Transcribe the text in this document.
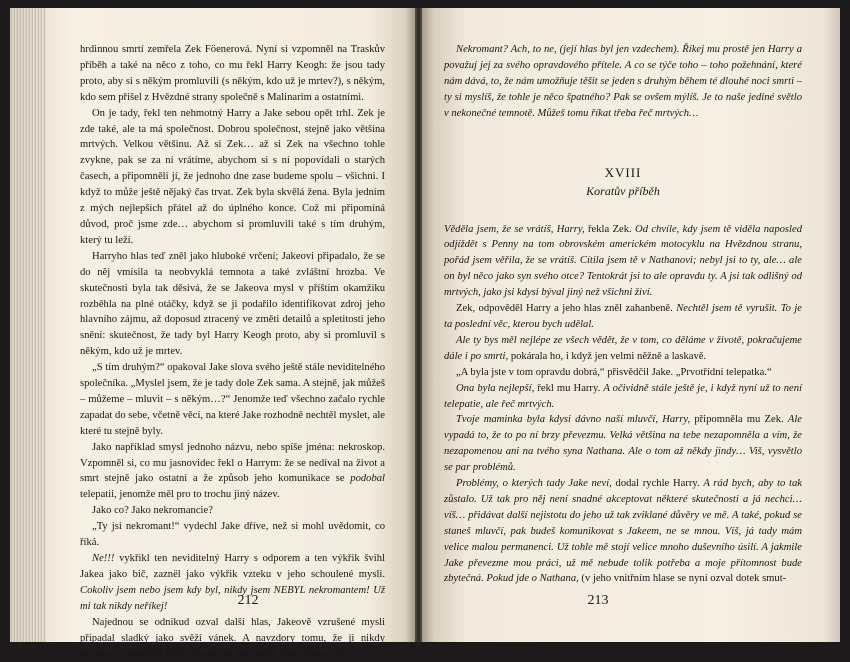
hrdinnou smrtí zemřela Zek Föenerová. Nyní si vzpomněl na Traskův příběh a také na něco z toho, co mu řekl Harry Keogh: že jsou tady proto, aby si s někým promluvili (s někým, kdo už je mrtev?), s někým, kdo sem přišel z Hvězdné strany společně s Malinarim a ostatními.

On je tady, řekl ten nehmotný Harry a Jake sebou opět trhl. Zek je zde také, ale ta má společnost. Dobrou společnost, stejně jako většina mrtvých. Velkou většinu. Až si Zek… až si Zek na všechno tohle zvykne, pak se za ní vrátíme, abychom si s ní popovídali o starých časech, a připomněli jí, že jednoho dne zase budeme spolu – všichni. I když to může ještě nějaký čas trvat. Zek byla skvělá žena. Byla jedním z mých nejlepších přátel až do úplného konce. Což mi připomíná důvod, proč jsme zde… abychom si promluvili také s tím druhým, který tu leží.

Harryho hlas teď zněl jako hluboké vrčení; Jakeovi připadalo, že se do něj vmísila ta neobvyklá temnota a také zvláštní hrozba. Ve skutečnosti byla tak děsivá, že se Jakeova mysl v příštím okamžiku rozběhla na plné otáčky, když se ji podařilo identifikovat zdroj jeho hlavního zájmu, až doposud ztracený ve změti detailů a spletitosti jeho snění: skutečnost, že tady byl Harry Keogh proto, aby si promluvil s někým, kdo už je mrtev.

„S tím druhým?“ opakoval Jake slova svého ještě stále neviditelného společníka. „Myslel jsem, že je tady dole Zek sama. A stejně, jak můžeš – můžeme – mluvit – s někým…?“ Jenomže teď všechno začalo rychle zapadat do sebe, včetně věcí, na které Jake rozhodně nechtěl myslet, ale které tu stejně byly.

Jako například smysl jednoho názvu, nebo spíše jména: nekroskop. Vzpomněl si, co mu jasnovidec řekl o Harrym: že se nedíval na život a smrt stejně jako ostatní a že způsob jeho komunikace se podobal telepatii, jenomže měl pro to trochu jiný název.

Jako co? Jako nekromancie?

„Ty jsi nekromant!“ vydechl Jake dříve, než si mohl uvědomit, co říká.

Ne!!! vykřikl ten neviditelný Harry s odporem a ten výkřik švihl Jakea jako bič, zaznël jako výkřik vzteku v jeho schoulené mysli. Cokoliv jsem nebo jsem kdy byl, nikdy jsem NEBYL nekromantem! Už mi tak nikdy neříkej!

Najednou se odnikud ozval další hlas, Jakeově vzrušené mysli připadal sladký jako svěží vánek. A navzdory tomu, že ji nikdy nepoznal, okamžitě věděl, komu ten hlas patří: Zek Föenerové.

212

Nekromant? Ach, to ne, (její hlas byl jen vzdechem). Říkej mu prostě jen Harry a považuj jej za svého opravdového přítele. A co se týče toho – toho požehnání, které nám dává, to, že nám umožňuje těšit se jeden s druhým během té dlouhé noci smrti – ty si myslíš, že tohle je něco špatného? Pak se ovšem mýlíš. Je to naše jediné světlo v nekonečné temnotě. Můžeš tomu říkat třeba řeč mrtvých…

XVIII
Koratův příběh

Věděla jsem, že se vrátíš, Harry, řekla Zek. Od chvíle, kdy jsem tě viděla naposled odjíždět s Penny na tom obrovském americkém motocyklu na Hvězdnou stranu, pořád jsem věřila, že se vrátíš. Cítila jsem tě v Nathanovi; nebyl jsi to ty, ale… ale on byl něco jako syn svého otce? Tentokrát jsi to ale opravdu ty. A jsi tak odlišný od mrtvých, jako jsi kdysi býval jiný než všichni živí.

Zek, odpověděl Harry a jeho hlas zněl zahanbeně. Nechtěl jsem tě vyrušit. To je ta poslední věc, kterou bych udělal.

Ale ty bys měl nejlépe ze všech vědět, že v tom, co děláme v životě, pokračujeme dále i po smrti, pokárala ho, i když jen velmi něžně a laskavě.

„A byla jste v tom opravdu dobrá,“ přisvědčil Jake. „Prvotřídní telepatka.“

Ona byla nejlepší, řekl mu Harry. A očividně stále ještě je, i když nyní už to není telepatie, ale řeč mrtvých.

Tvoje maminka byla kdysi dávno naší mluvčí, Harry, připomněla mu Zek. Ale vypadá to, že to po ní brzy převezmu. Velká většina na tebe nezapomněla a vím, že nezapomenou ani na tvého syna Nathana. Ale o tom až někdy jindy… Viš, vysvětlo se par problémů.

Problémy, o kterých tady Jake neví, dodal rychle Harry. A rád bych, aby to tak zůstalo. Už tak pro něj není snadné akceptovat některé skutečnosti a já nechci… víš… přidávat další nejistotu do jeho už tak zviklané důvěry ve mě. A také, pokud se staneš mluvčí, pak budeš komunikovat s Jakeem, ne se mnou. Víš, já tady mám velice malou permanenci. Už tohle mě stojí velice mnoho duševního úsilí. A jakmile Jake převezme mou práci, už mě nebude tolik potřeba a moje přítomnost bude zbytečná. Pokud jde o Nathana, (v jeho vnitřním hlase se nyní ozval dotek smut-

213
